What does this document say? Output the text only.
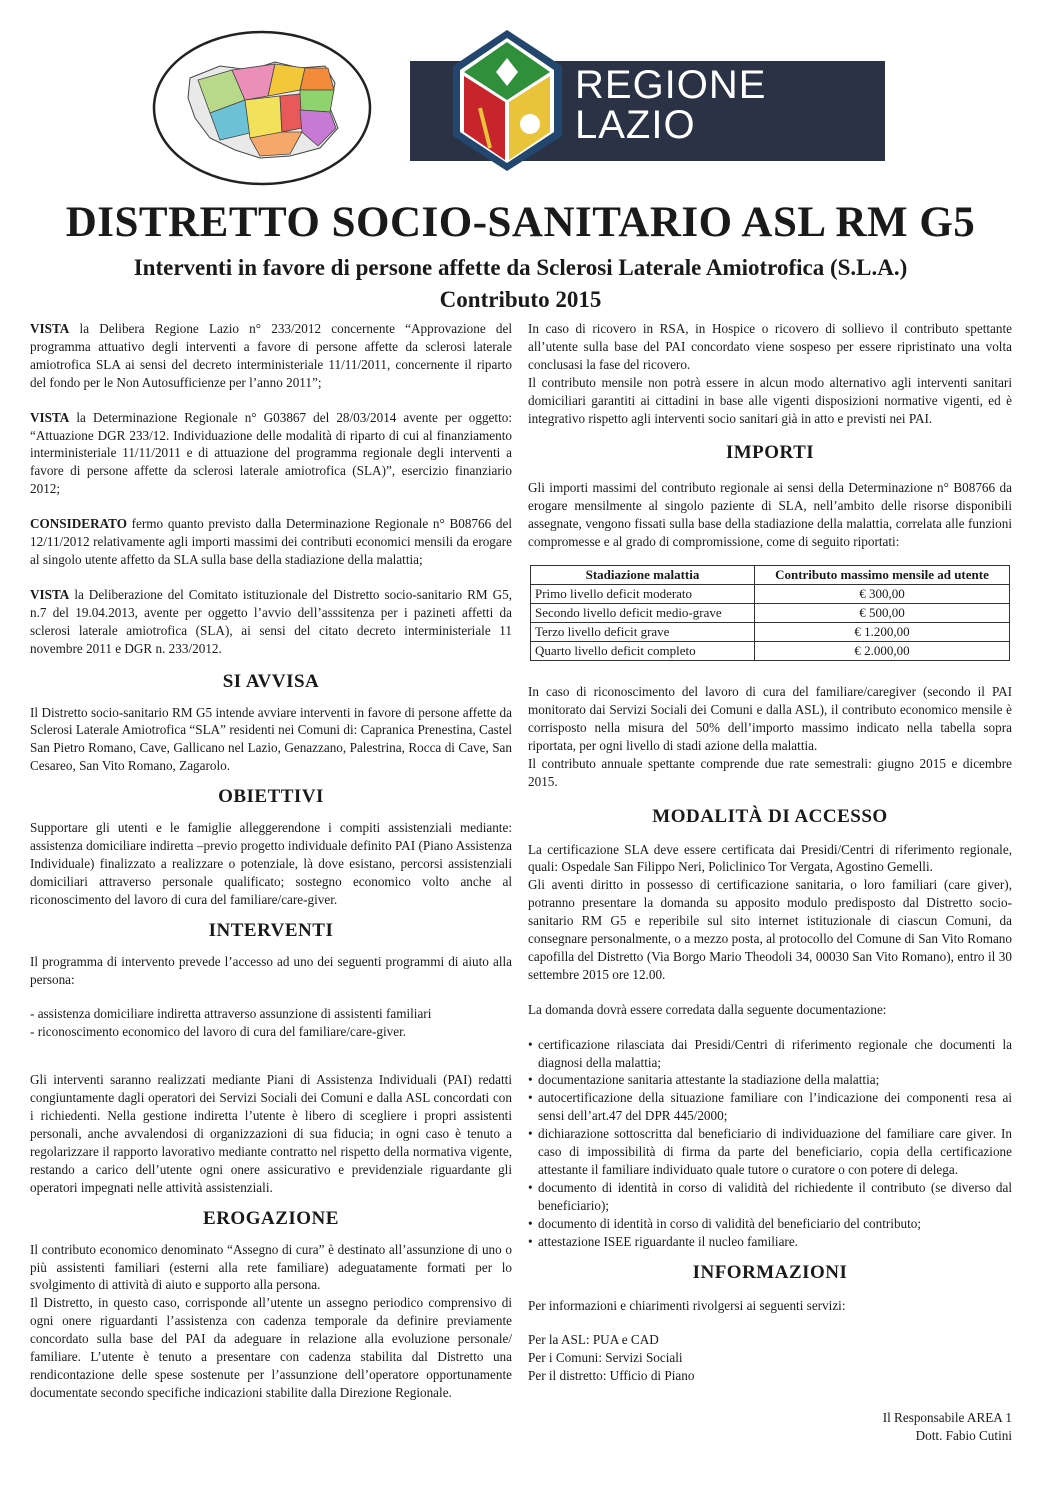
REGIONE
LAZIO
DISTRETTO SOCIO-SANITARIO ASL RM G5
Interventi in favore di persone affette da Sclerosi Laterale Amiotrofica (S.L.A.)
Contributo 2015

VISTA la Delibera Regione Lazio n° 233/2012 concernente “Approvazione del programma attuativo degli interventi a favore di persone affette da sclerosi laterale amiotrofica SLA ai sensi del decreto interministeriale 11/11/2011, concernente il riparto del fondo per le Non Autosufficienze per l’anno 2011”;

VISTA la Determinazione Regionale n° G03867 del 28/03/2014 avente per oggetto: “Attuazione DGR 233/12. Individuazione delle modalità di riparto di cui al finanziamento interministeriale 11/11/2011 e di attuazione del programma regionale degli interventi a favore di persone affette da sclerosi laterale amiotrofica (SLA)”, esercizio finanziario 2012;

CONSIDERATO fermo quanto previsto dalla Determinazione Regionale n° B08766 del 12/11/2012 relativamente agli importi massimi dei contributi economici mensili da erogare al singolo utente affetto da SLA sulla base della stadiazione della malattia;

VISTA la Deliberazione del Comitato istituzionale del Distretto socio-sanitario RM G5, n.7 del 19.04.2013, avente per oggetto l’avvio dell’asssitenza per i pazineti affetti da sclerosi laterale amiotrofica (SLA), ai sensi del citato decreto interministeriale 11 novembre 2011 e DGR n. 233/2012.

SI AVVISA

Il Distretto socio-sanitario RM G5 intende avviare interventi in favore di persone affette da Sclerosi Laterale Amiotrofica “SLA” residenti nei Comuni di: Capranica Prenestina, Castel San Pietro Romano, Cave, Gallicano nel Lazio, Genazzano, Palestrina, Rocca di Cave, San Cesareo, San Vito Romano, Zagarolo.

OBIETTIVI

Supportare gli utenti e le famiglie alleggerendone i compiti assistenziali mediante: assistenza domiciliare indiretta –previo progetto individuale definito PAI (Piano Assistenza Individuale) finalizzato a realizzare o potenziale, là dove esistano, percorsi assistenziali domiciliari attraverso personale qualificato; sostegno economico volto anche al riconoscimento del lavoro di cura del familiare/care-giver.

INTERVENTI

Il programma di intervento prevede l’accesso ad uno dei seguenti programmi di aiuto alla persona:

- assistenza domiciliare indiretta attraverso assunzione di assistenti familiari

- riconoscimento economico del lavoro di cura del familiare/care-giver.

Gli interventi saranno realizzati mediante Piani di Assistenza Individuali (PAI) redatti congiuntamente dagli operatori dei Servizi Sociali dei Comuni e dalla ASL concordati con i richiedenti. Nella gestione indiretta l’utente è libero di scegliere i propri assistenti personali, anche avvalendosi di organizzazioni di sua fiducia; in ogni caso è tenuto a regolarizzare il rapporto lavorativo mediante contratto nel rispetto della normativa vigente, restando a carico dell’utente ogni onere assicurativo e previdenziale riguardante gli operatori impegnati nelle attività assistenziali.

EROGAZIONE

Il contributo economico denominato “Assegno di cura” è destinato all’assunzione di uno o più assistenti familiari (esterni alla rete familiare) adeguatamente formati per lo svolgimento di attività di aiuto e supporto alla persona.

Il Distretto, in questo caso, corrisponde all’utente un assegno periodico comprensivo di ogni onere riguardanti l’assistenza con cadenza temporale da definire previamente concordato sulla base del PAI da adeguare in relazione alla evoluzione personale/ familiare. L’utente è tenuto a presentare con cadenza stabilita dal Distretto una rendicontazione delle spese sostenute per l’assunzione dell’operatore opportunamente documentate secondo specifiche indicazioni stabilite dalla Direzione Regionale.

In caso di ricovero in RSA, in Hospice o ricovero di sollievo il contributo spettante all’utente sulla base del PAI concordato viene sospeso per essere ripristinato una volta conclusasi la fase del ricovero.

Il contributo mensile non potrà essere in alcun modo alternativo agli interventi sanitari domiciliari garantiti ai cittadini in base alle vigenti disposizioni normative vigenti, ed è integrativo rispetto agli interventi socio sanitari già in atto e previsti nei PAI.

IMPORTI

Gli importi massimi del contributo regionale ai sensi della Determinazione n° B08766 da erogare mensilmente al singolo paziente di SLA, nell’ambito delle risorse disponibili assegnate, vengono fissati sulla base della stadiazione della malattia, correlata alle funzioni compromesse e al grado di compromissione, come di seguito riportati:

Stadiazione malattia	Contributo massimo mensile ad utente
Primo livello deficit moderato	€ 300,00
Secondo livello deficit medio-grave	€ 500,00
Terzo livello deficit grave	€ 1.200,00
Quarto livello deficit completo	€ 2.000,00

In caso di riconoscimento del lavoro di cura del familiare/caregiver (secondo il PAI monitorato dai Servizi Sociali dei Comuni e dalla ASL), il contributo economico mensile è corrisposto nella misura del 50% dell’importo massimo indicato nella tabella sopra riportata, per ogni livello di stadi azione della malattia.

Il contributo annuale spettante comprende due rate semestrali: giugno 2015 e dicembre 2015.

MODALITÀ DI ACCESSO

La certificazione SLA deve essere certificata dai Presidi/Centri di riferimento regionale, quali: Ospedale San Filippo Neri, Policlinico Tor Vergata, Agostino Gemelli.

Gli aventi diritto in possesso di certificazione sanitaria, o loro familiari (care giver), potranno presentare la domanda su apposito modulo predisposto dal Distretto socio-sanitario RM G5 e reperibile sul sito internet istituzionale di ciascun Comuni, da consegnare personalmente, o a mezzo posta, al protocollo del Comune di San Vito Romano capofilla del Distretto (Via Borgo Mario Theodoli 34, 00030 San Vito Romano), entro il 30 settembre 2015 ore 12.00.

La domanda dovrà essere corredata dalla seguente documentazione:

• certificazione rilasciata dai Presidi/Centri di riferimento regionale che documenti la diagnosi della malattia;
• documentazione sanitaria attestante la stadiazione della malattia;
• autocertificazione della situazione familiare con l’indicazione dei componenti resa ai sensi dell’art.47 del DPR 445/2000;
• dichiarazione sottoscritta dal beneficiario di individuazione del familiare care giver. In caso di impossibilità di firma da parte del beneficiario, copia della certificazione attestante il familiare individuato quale tutore o curatore o con potere di delega.
• documento di identità in corso di validità del richiedente il contributo (se diverso dal beneficiario);
• documento di identità in corso di validità del beneficiario del contributo;
• attestazione ISEE riguardante il nucleo familiare.
INFORMAZIONI

Per informazioni e chiarimenti rivolgersi ai seguenti servizi:

Per la ASL: PUA e CAD

Per i Comuni: Servizi Sociali

Per il distretto: Ufficio di Piano

Il Responsabile AREA 1

Dott. Fabio Cutini
